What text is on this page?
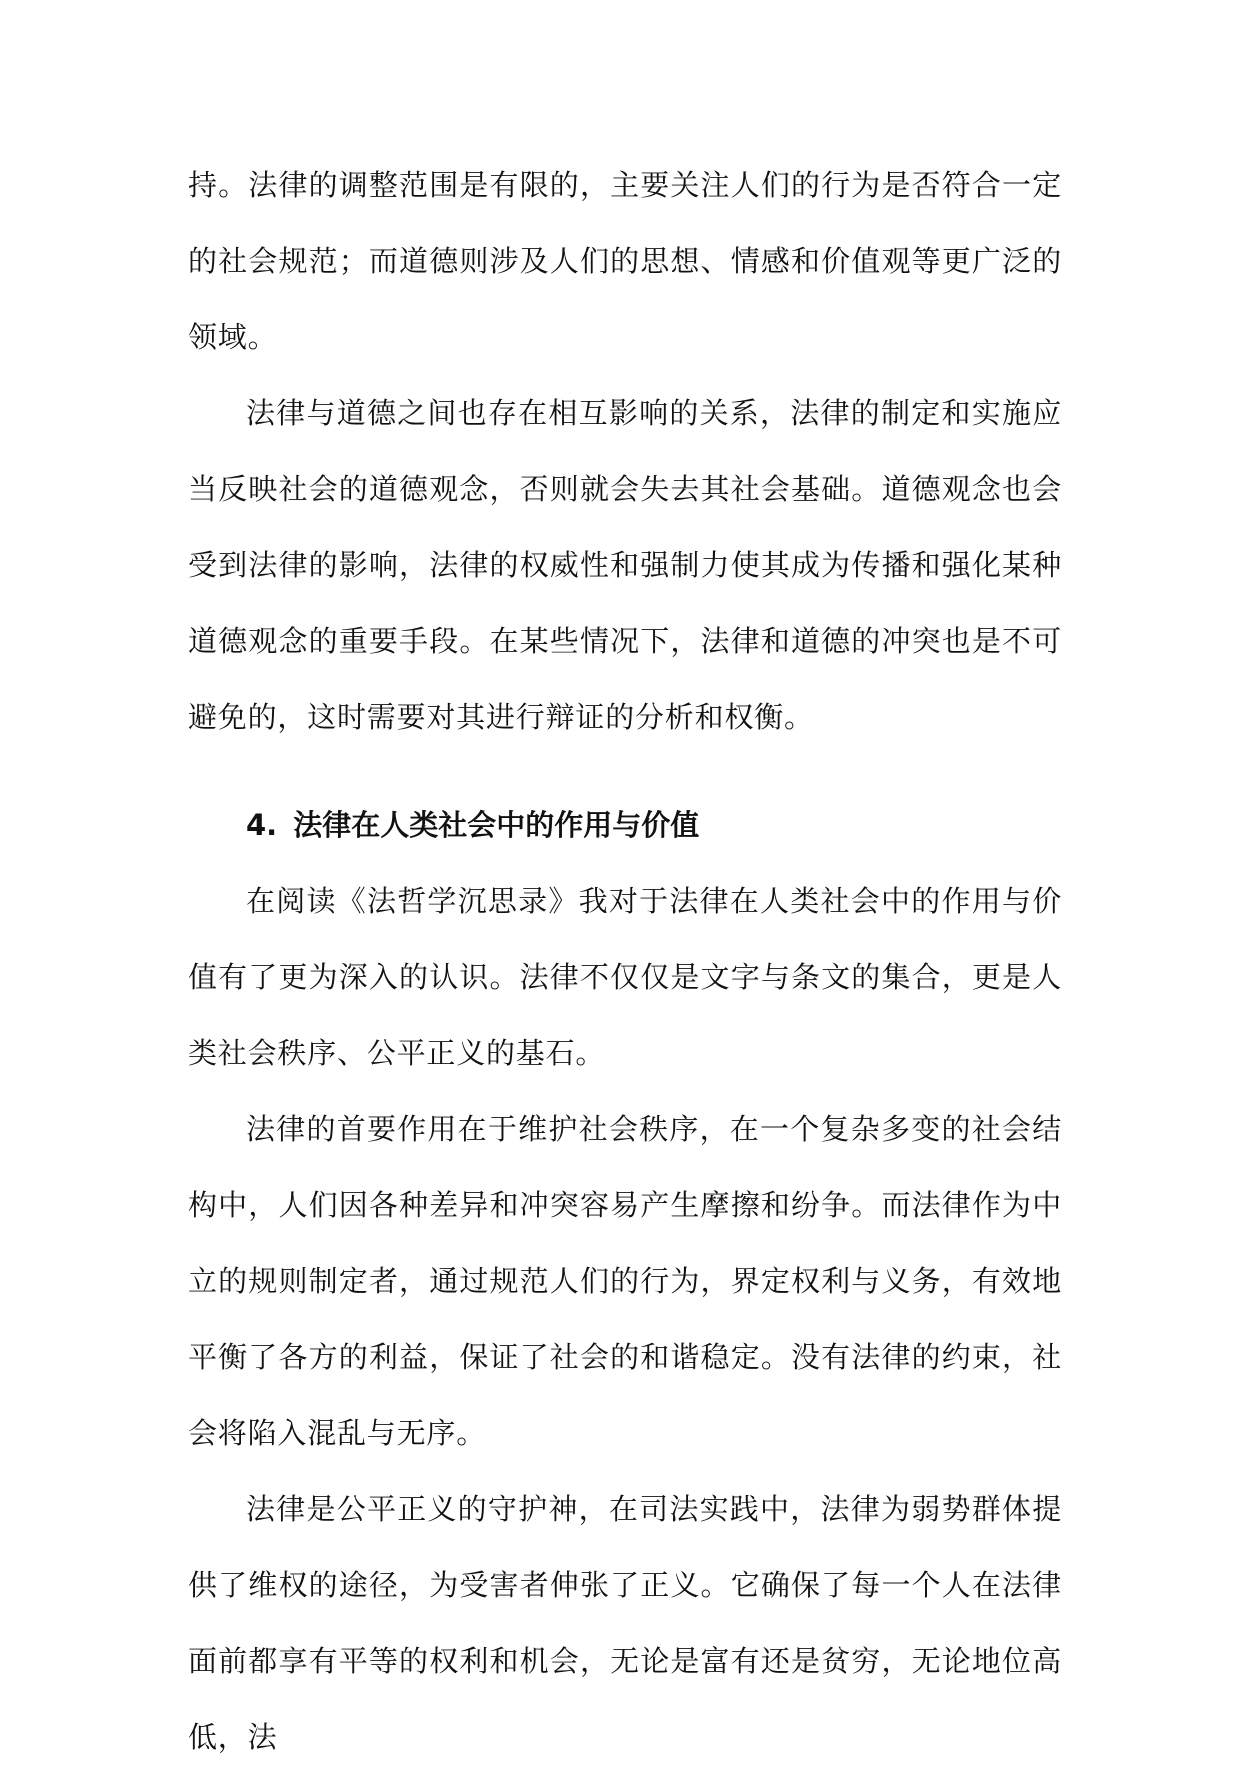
持。法律的调整范围是有限的，主要关注人们的行为是否符合一定的社会规范；而道德则涉及人们的思想、情感和价值观等更广泛的领域。

法律与道德之间也存在相互影响的关系，法律的制定和实施应当反映社会的道德观念，否则就会失去其社会基础。道德观念也会受到法律的影响，法律的权威性和强制力使其成为传播和强化某种道德观念的重要手段。在某些情况下，法律和道德的冲突也是不可避免的，这时需要对其进行辩证的分析和权衡。

4. 法律在人类社会中的作用与价值

在阅读《法哲学沉思录》我对于法律在人类社会中的作用与价值有了更为深入的认识。法律不仅仅是文字与条文的集合，更是人类社会秩序、公平正义的基石。

法律的首要作用在于维护社会秩序，在一个复杂多变的社会结构中，人们因各种差异和冲突容易产生摩擦和纷争。而法律作为中立的规则制定者，通过规范人们的行为，界定权利与义务，有效地平衡了各方的利益，保证了社会的和谐稳定。没有法律的约束，社会将陷入混乱与无序。

法律是公平正义的守护神，在司法实践中，法律为弱势群体提供了维权的途径，为受害者伸张了正义。它确保了每一个人在法律面前都享有平等的权利和机会，无论是富有还是贫穷，无论地位高低，法
